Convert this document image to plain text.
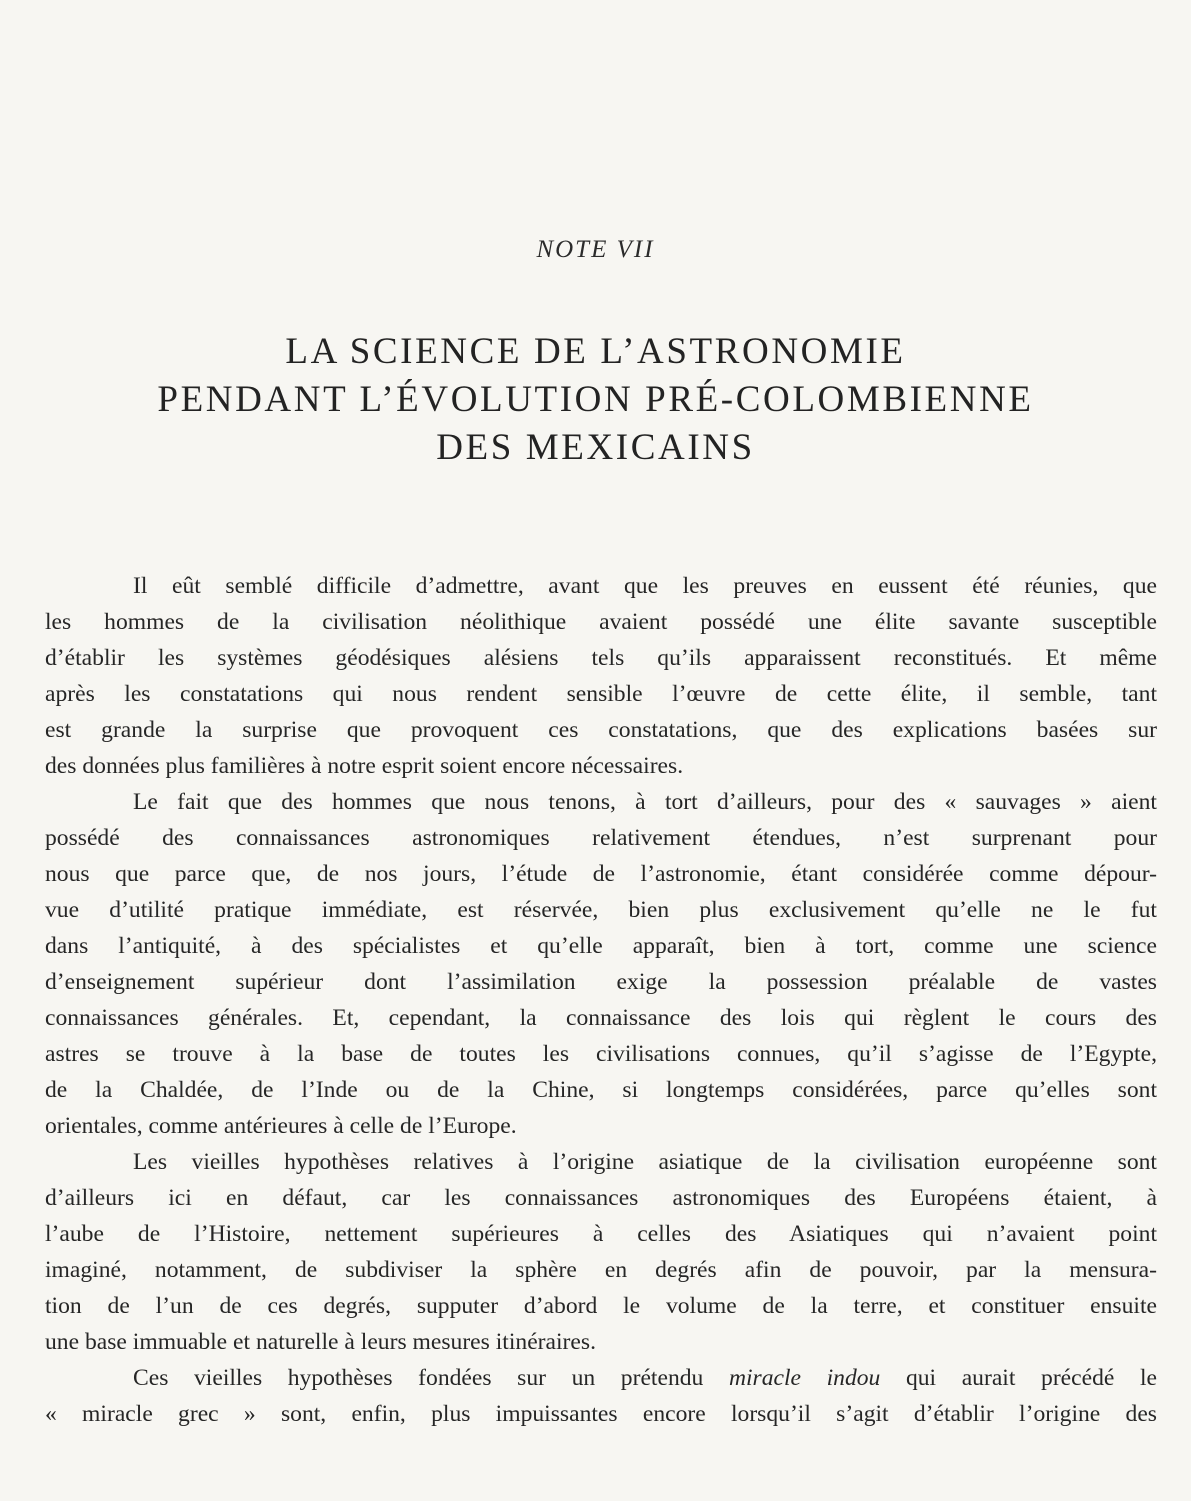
NOTE VII
LA SCIENCE DE L’ASTRONOMIE
PENDANT L’ÉVOLUTION PRÉ-COLOMBIENNE
DES MEXICAINS

Il eût semblé difficile d’admettre, avant que les preuves en eussent été réunies, que
les hommes de la civilisation néolithique avaient possédé une élite savante susceptible
d’établir les systèmes géodésiques alésiens tels qu’ils apparaissent reconstitués. Et même
après les constatations qui nous rendent sensible l’œuvre de cette élite, il semble, tant
est grande la surprise que provoquent ces constatations, que des explications basées sur
des données plus familières à notre esprit soient encore nécessaires.

Le fait que des hommes que nous tenons, à tort d’ailleurs, pour des « sauvages » aient
possédé des connaissances astronomiques relativement étendues, n’est surprenant pour
nous que parce que, de nos jours, l’étude de l’astronomie, étant considérée comme dépour-
vue d’utilité pratique immédiate, est réservée, bien plus exclusivement qu’elle ne le fut
dans l’antiquité, à des spécialistes et qu’elle apparaît, bien à tort, comme une science
d’enseignement supérieur dont l’assimilation exige la possession préalable de vastes
connaissances générales. Et, cependant, la connaissance des lois qui règlent le cours des
astres se trouve à la base de toutes les civilisations connues, qu’il s’agisse de l’Egypte,
de la Chaldée, de l’Inde ou de la Chine, si longtemps considérées, parce qu’elles sont
orientales, comme antérieures à celle de l’Europe.

Les vieilles hypothèses relatives à l’origine asiatique de la civilisation européenne sont
d’ailleurs ici en défaut, car les connaissances astronomiques des Européens étaient, à
l’aube de l’Histoire, nettement supérieures à celles des Asiatiques qui n’avaient point
imaginé, notamment, de subdiviser la sphère en degrés afin de pouvoir, par la mensura-
tion de l’un de ces degrés, supputer d’abord le volume de la terre, et constituer ensuite
une base immuable et naturelle à leurs mesures itinéraires.

Ces vieilles hypothèses fondées sur un prétendu miracle indou qui aurait précédé le
« miracle grec » sont, enfin, plus impuissantes encore lorsqu’il s’agit d’établir l’origine des
